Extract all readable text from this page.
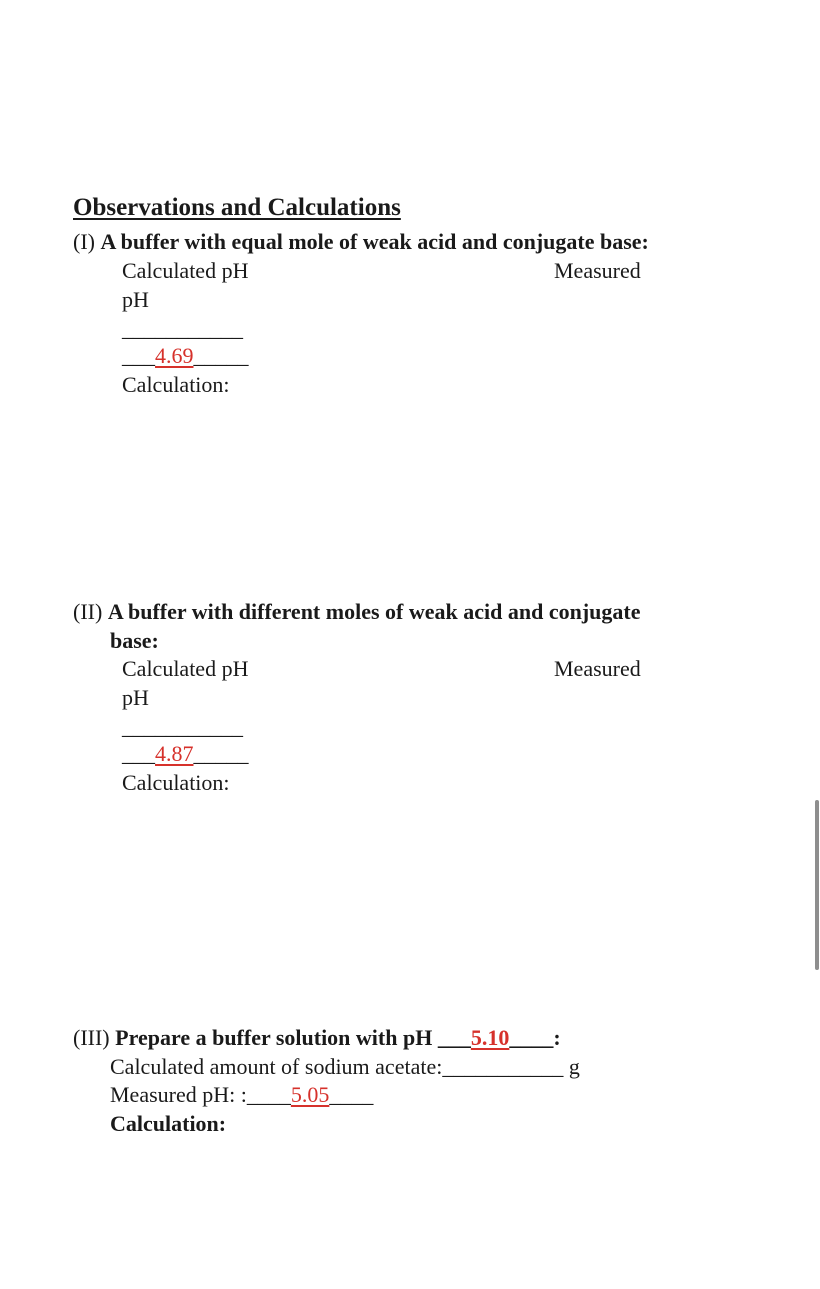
Observations and Calculations
(I) A buffer with equal mole of weak acid and conjugate base:
Calculated pH	Measured
pH
___________
___4.69_____
Calculation:
(II) A buffer with different moles of weak acid and conjugate
base:
Calculated pH	Measured
pH
___________
___4.87_____
Calculation:
(III) Prepare a buffer solution with pH ___5.10____:
Calculated amount of sodium acetate:___________ g
Measured pH: :____5.05____
Calculation:
